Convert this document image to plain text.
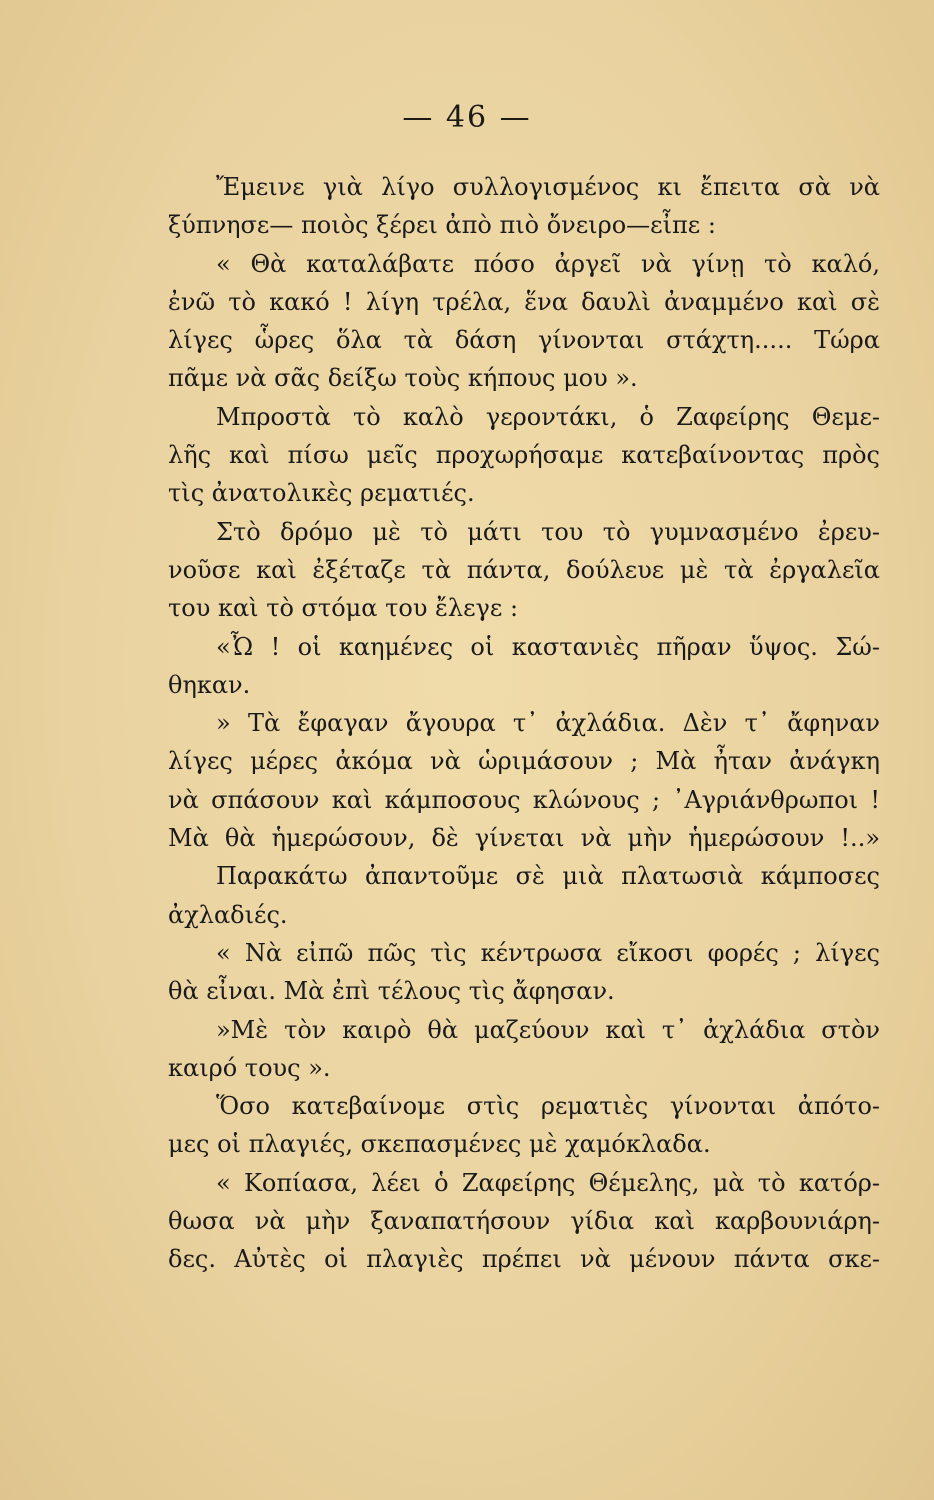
— 46 —
Ἔμεινε γιὰ λίγο συλλογισμένος κι ἔπειτα σὰ νὰ
ξύπνησε— ποιὸς ξέρει ἀπὸ πιὸ ὄνειρο—εἶπε :
« Θὰ καταλάβατε πόσο ἀργεῖ νὰ γίνῃ τὸ καλό,
ἐνῶ τὸ κακό ! λίγη τρέλα, ἕνα δαυλὶ ἀναμμένο καὶ σὲ
λίγες ὧρες ὅλα τὰ δάση γίνονται στάχτη..... Τώρα
πᾶμε νὰ σᾶς δείξω τοὺς κήπους μου ».
Μπροστὰ τὸ καλὸ γεροντάκι, ὁ Ζαφείρης Θεμε-
λῆς καὶ πίσω μεῖς προχωρήσαμε κατεβαίνοντας πρὸς
τὶς ἀνατολικὲς ρεματιές.
Στὸ δρόμο μὲ τὸ μάτι του τὸ γυμνασμένο ἐρευ-
νοῦσε καὶ ἐξέταζε τὰ πάντα, δούλευε μὲ τὰ ἐργαλεῖα
του καὶ τὸ στόμα του ἔλεγε :
«Ὦ ! οἱ καημένες οἱ καστανιὲς πῆραν ὕψος. Σώ-
θηκαν.
» Τὰ ἔφαγαν ἄγουρα τ᾽ ἀχλάδια. Δὲν τ᾽ ἄφηναν
λίγες μέρες ἀκόμα νὰ ὡριμάσουν ; Μὰ ἦταν ἀνάγκη
νὰ σπάσουν καὶ κάμποσους κλώνους ; ᾽Αγριάνθρωποι !
Μὰ θὰ ἡμερώσουν, δὲ γίνεται νὰ μὴν ἡμερώσουν !..»
Παρακάτω ἀπαντοῦμε σὲ μιὰ πλατωσιὰ κάμποσες
ἀχλαδιές.
« Νὰ εἰπῶ πῶς τὶς κέντρωσα εἴκοσι φορές ; λίγες
θὰ εἶναι. Μὰ ἐπὶ τέλους τὶς ἄφησαν.
»Μὲ τὸν καιρὸ θὰ μαζεύουν καὶ τ᾽ ἀχλάδια στὸν
καιρό τους ».
Ὅσο κατεβαίνομε στὶς ρεματιὲς γίνονται ἀπότο-
μες οἱ πλαγιές, σκεπασμένες μὲ χαμόκλαδα.
« Κοπίασα, λέει ὁ Ζαφείρης Θέμελης, μὰ τὸ κατόρ-
θωσα νὰ μὴν ξαναπατήσουν γίδια καὶ καρβουνιάρη-
δες. Αὐτὲς οἱ πλαγιὲς πρέπει νὰ μένουν πάντα σκε-
